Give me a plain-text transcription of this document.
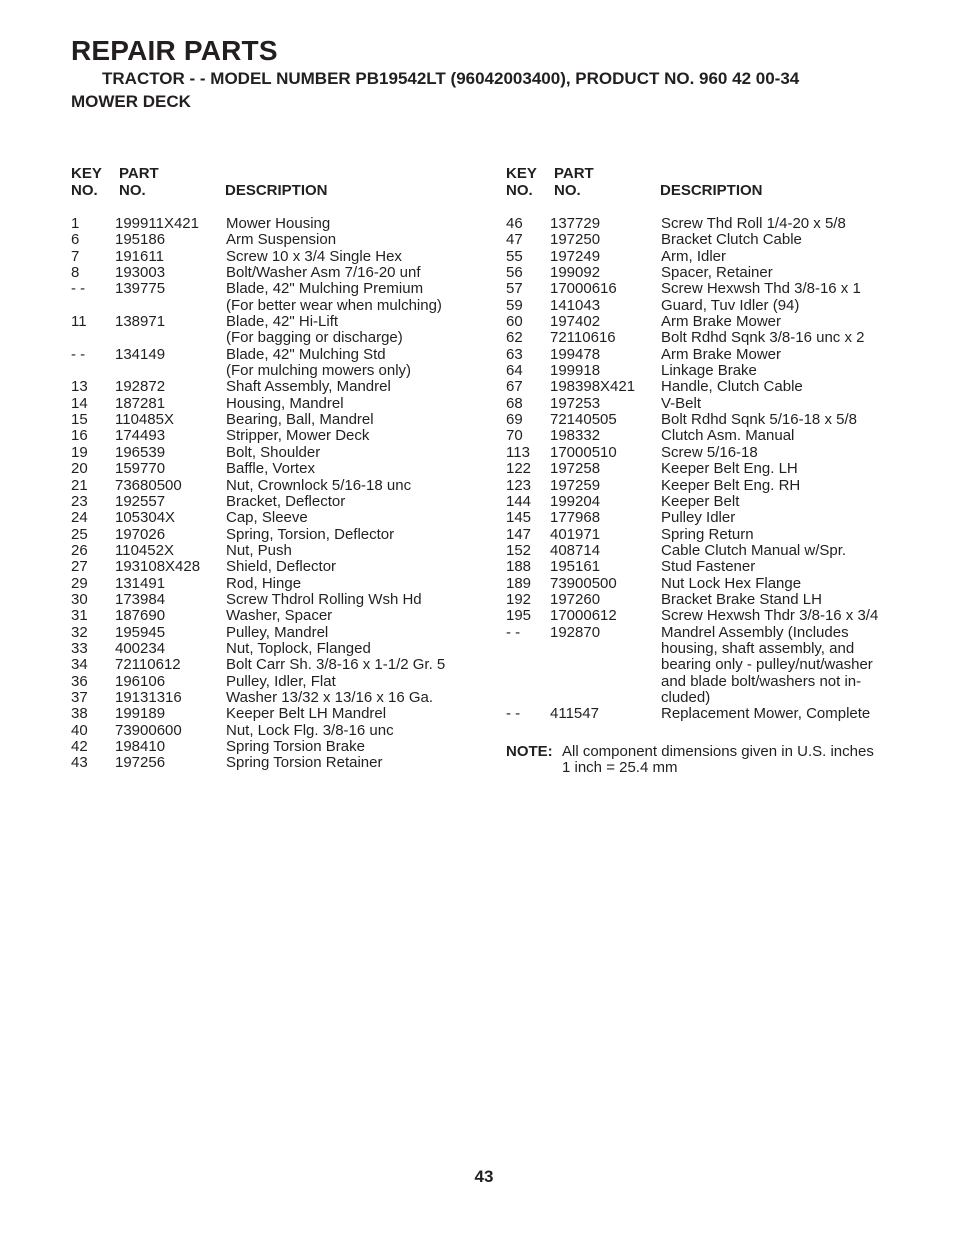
REPAIR PARTS
TRACTOR - - MODEL NUMBER PB19542LT (96042003400), PRODUCT NO. 960 42 00-34
MOWER DECK
KEY
NO.
PART
NO.	DESCRIPTION
1	199911X421	Mower Housing
6	195186	Arm Suspension
7	191611	Screw 10 x 3/4 Single Hex
8	193003	Bolt/Washer Asm 7/16-20 unf
- -	139775	Blade, 42" Mulching Premium
(For better wear when mulching)
11	138971	Blade, 42" Hi-Lift
(For bagging or discharge)
- -	134149	Blade, 42" Mulching Std
(For mulching mowers only)
13	192872	Shaft Assembly, Mandrel
14	187281	Housing, Mandrel
15	110485X	Bearing, Ball, Mandrel
16	174493	Stripper, Mower Deck
19	196539	Bolt, Shoulder
20	159770	Baffle, Vortex
21	73680500	Nut, Crownlock 5/16-18 unc
23	192557	Bracket, Deflector
24	105304X	Cap, Sleeve
25	197026	Spring, Torsion, Deflector
26	110452X	Nut, Push
27	193108X428	Shield, Deflector
29	131491	Rod, Hinge
30	173984	Screw Thdrol Rolling Wsh Hd
31	187690	Washer, Spacer
32	195945	Pulley, Mandrel
33	400234	Nut, Toplock, Flanged
34	72110612	Bolt Carr Sh. 3/8-16 x 1-1/2 Gr. 5
36	196106	Pulley, Idler, Flat
37	19131316	Washer 13/32 x 13/16 x 16 Ga.
38	199189	Keeper Belt LH Mandrel
40	73900600	Nut, Lock Flg. 3/8-16 unc
42	198410	Spring Torsion Brake
43	197256	Spring Torsion Retainer
KEY
NO.
PART
NO.	DESCRIPTION
46	137729	Screw Thd Roll 1/4-20 x 5/8
47	197250	Bracket Clutch Cable
55	197249	Arm, Idler
56	199092	Spacer, Retainer
57	17000616	Screw Hexwsh Thd 3/8-16 x 1
59	141043	Guard, Tuv Idler (94)
60	197402	Arm Brake Mower
62	72110616	Bolt Rdhd Sqnk 3/8-16 unc x 2
63	199478	Arm Brake Mower
64	199918	Linkage Brake
67	198398X421	Handle, Clutch Cable
68	197253	V-Belt
69	72140505	Bolt Rdhd Sqnk 5/16-18 x 5/8
70	198332	Clutch Asm. Manual
113	17000510	Screw 5/16-18
122	197258	Keeper Belt Eng. LH
123	197259	Keeper Belt Eng. RH
144	199204	Keeper Belt
145	177968	Pulley Idler
147	401971	Spring Return
152	408714	Cable Clutch Manual w/Spr.
188	195161	Stud Fastener
189	73900500	Nut Lock Hex Flange
192	197260	Bracket Brake Stand LH
195	17000612	Screw Hexwsh Thdr 3/8-16 x 3/4
- -	192870	Mandrel Assembly (Includes
housing, shaft assembly, and
bearing only - pulley/nut/washer
and blade bolt/washers not in-
cluded)
- -	411547	Replacement Mower, Complete
NOTE: All component dimensions given in U.S. inches
1 inch = 25.4 mm
43
